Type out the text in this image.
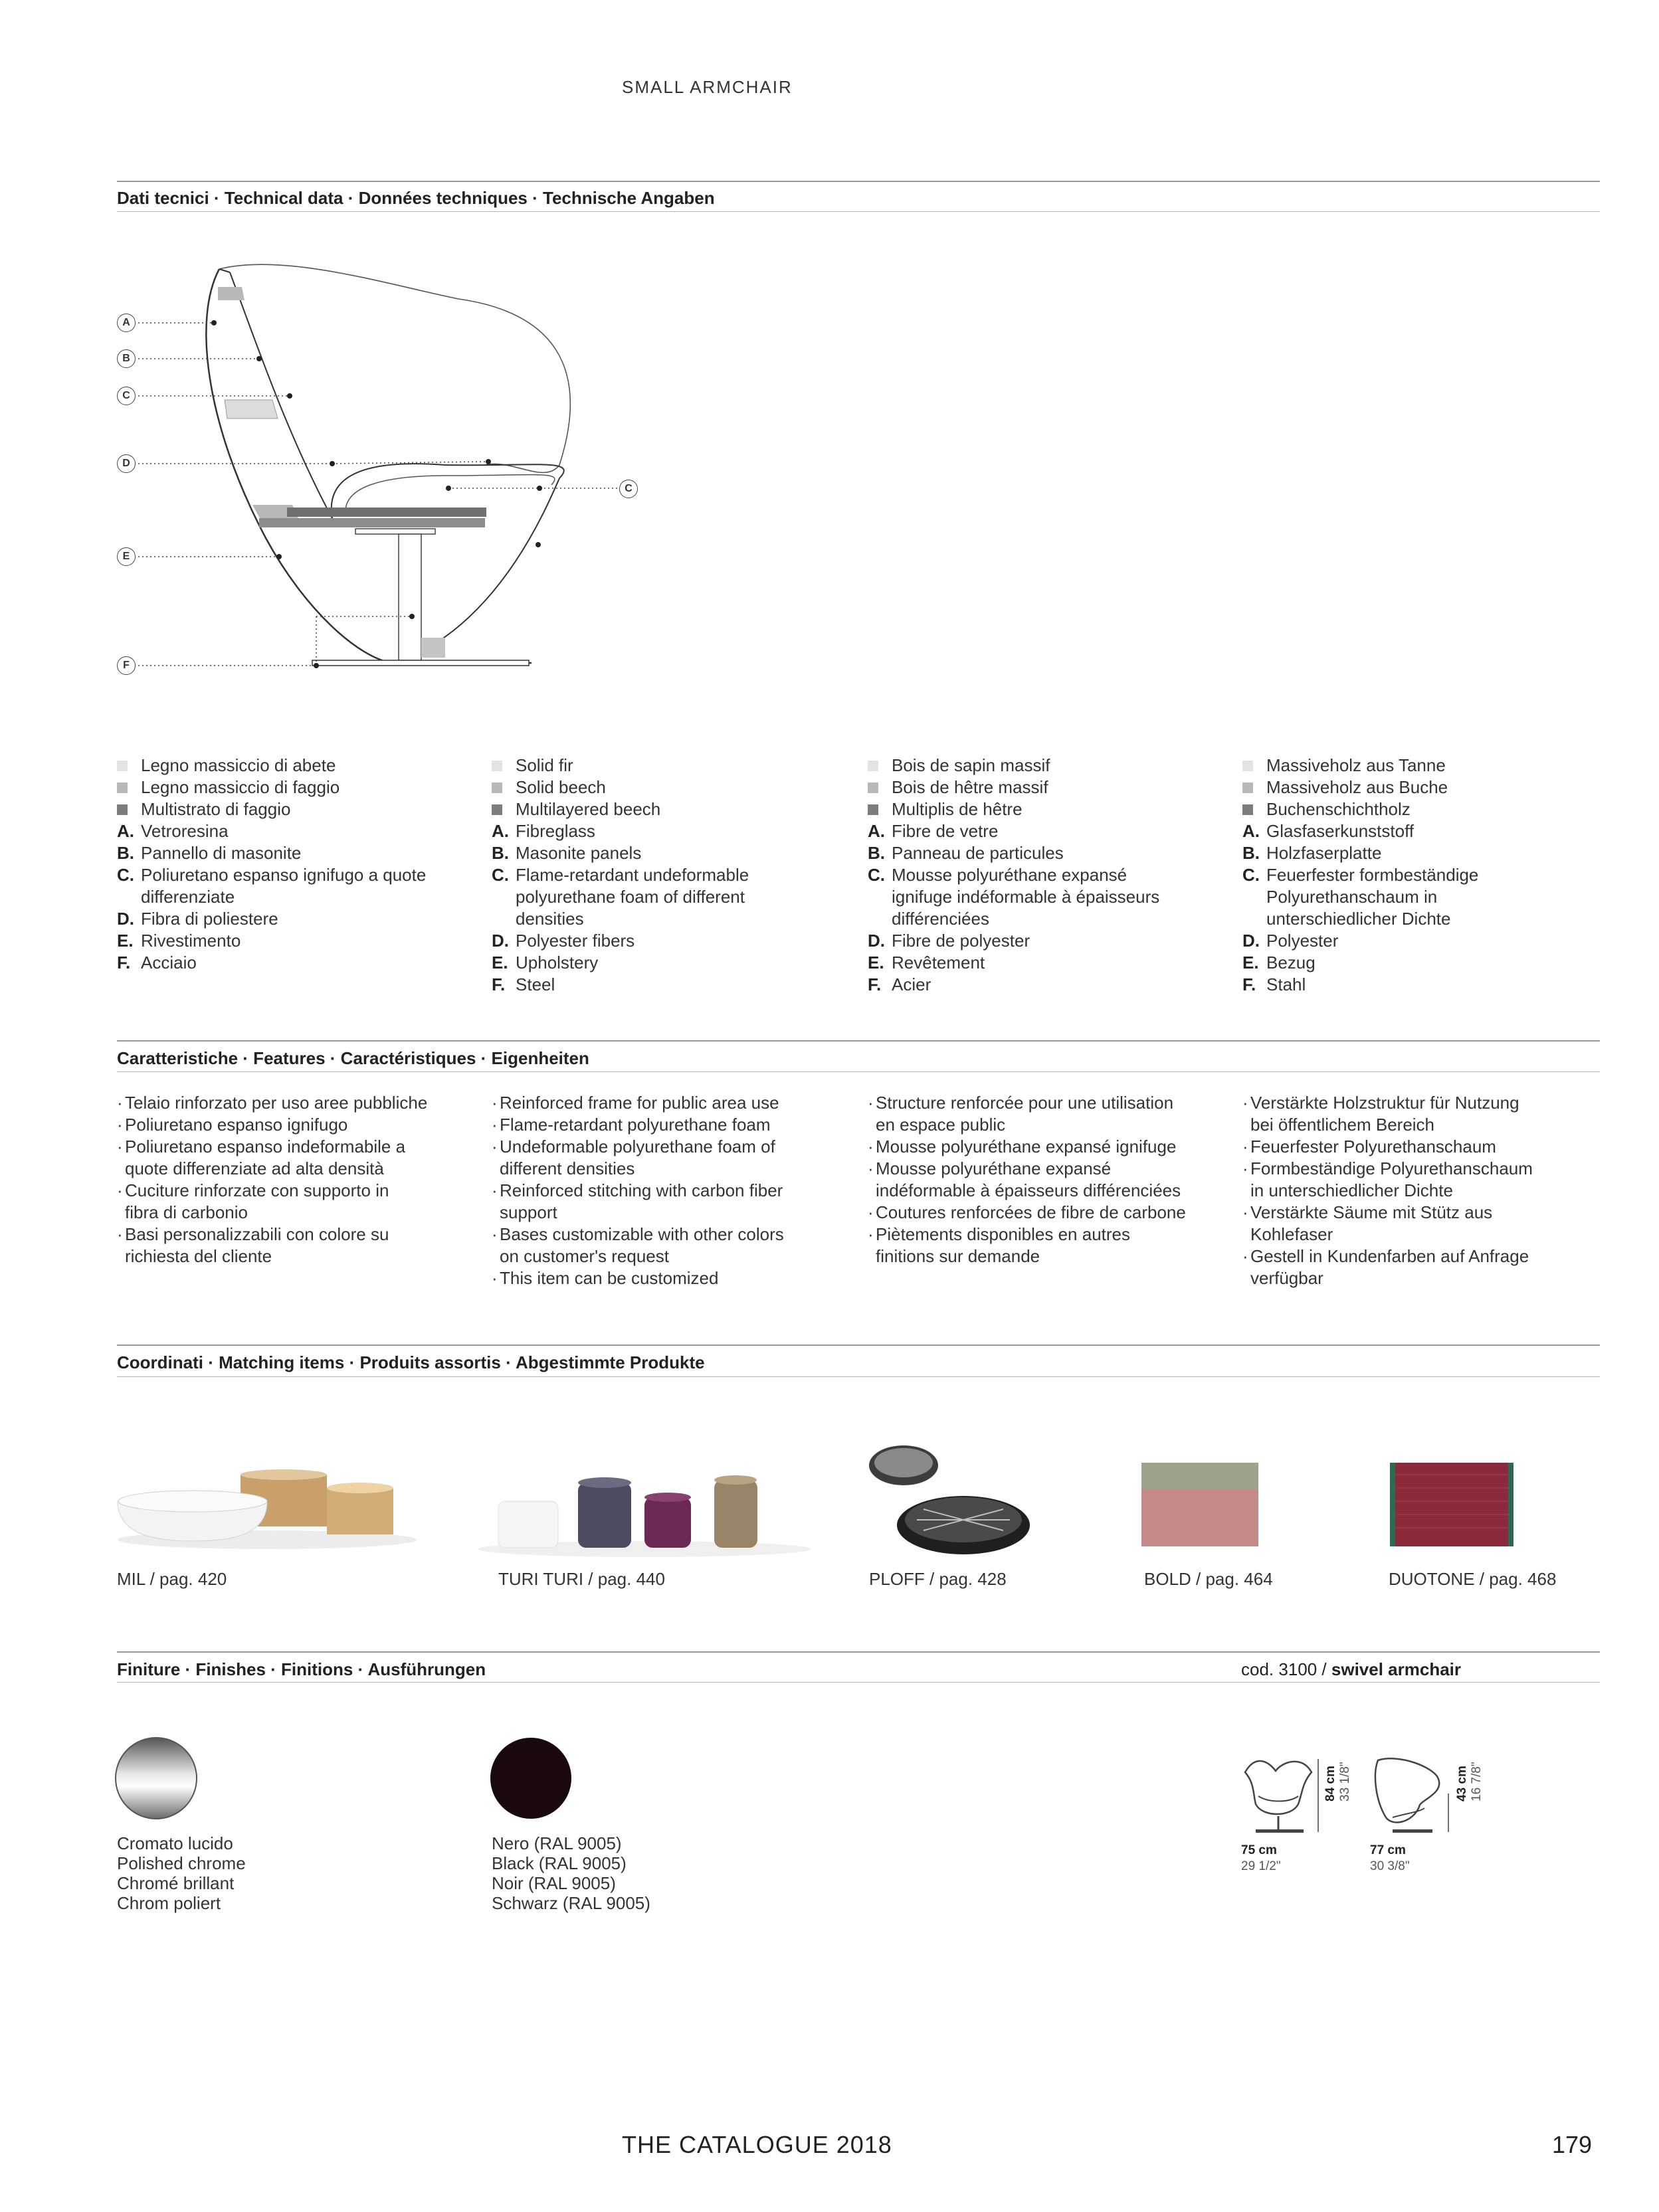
SMALL ARMCHAIR
Dati tecnici · Technical data · Données techniques · Technische Angaben
A
B
C
D
E
F
C
Legno massiccio di abete
Legno massiccio di faggio
Multistrato di faggio
A. Vetroresina
B. Pannello di masonite
C. Poliuretano espanso ignifugo a quote
differenziate
D. Fibra di poliestere
E. Rivestimento
F. Acciaio
Solid fir
Solid beech
Multilayered beech
A. Fibreglass
B. Masonite panels
C. Flame-retardant undeformable
polyurethane foam of different
densities
D. Polyester fibers
E. Upholstery
F. Steel
Bois de sapin massif
Bois de hêtre massif
Multiplis de hêtre
A. Fibre de vetre
B. Panneau de particules
C. Mousse polyuréthane expansé
ignifuge indéformable à épaisseurs
différenciées
D. Fibre de polyester
E. Revêtement
F. Acier
Massiveholz aus Tanne
Massiveholz aus Buche
Buchenschichtholz
A. Glasfaserkunststoff
B. Holzfaserplatte
C. Feuerfester formbeständige
Polyurethanschaum in
unterschiedlicher Dichte
D. Polyester
E. Bezug
F. Stahl
Caratteristiche · Features · Caractéristiques · Eigenheiten
· Telaio rinforzato per uso aree pubbliche
· Poliuretano espanso ignifugo
· Poliuretano espanso indeformabile a
quote differenziate ad alta densità
· Cuciture rinforzate con supporto in
fibra di carbonio
· Basi personalizzabili con colore su
richiesta del cliente
· Reinforced frame for public area use
· Flame-retardant polyurethane foam
· Undeformable polyurethane foam of
different densities
· Reinforced stitching with carbon fiber
support
· Bases customizable with other colors
on customer's request
· This item can be customized
· Structure renforcée pour une utilisation
en espace public
· Mousse polyuréthane expansé ignifuge
· Mousse polyuréthane expansé
indéformable à épaisseurs différenciées
· Coutures renforcées de fibre de carbone
· Piètements disponibles en autres
finitions sur demande
· Verstärkte Holzstruktur für Nutzung
bei öffentlichem Bereich
· Feuerfester Polyurethanschaum
· Formbeständige Polyurethanschaum
in unterschiedlicher Dichte
· Verstärkte Säume mit Stütz aus
Kohlefaser
· Gestell in Kundenfarben auf Anfrage
verfügbar
Coordinati · Matching items · Produits assortis · Abgestimmte Produkte
MIL / pag. 420	TURI TURI / pag. 440	PLOFF / pag. 428	BOLD / pag. 464	DUOTONE / pag. 468
Finiture · Finishes · Finitions · Ausführungen	cod. 3100 / swivel armchair
Cromato lucido
Polished chrome
Chromé brillant
Chrom poliert
Nero (RAL 9005)
Black (RAL 9005)
Noir (RAL 9005)
Schwarz (RAL 9005)
84 cm
33 1/8"	43 cm
16 7/8"
75 cm
29 1/2"
77 cm
30 3/8"
THE CATALOGUE 2018	179
